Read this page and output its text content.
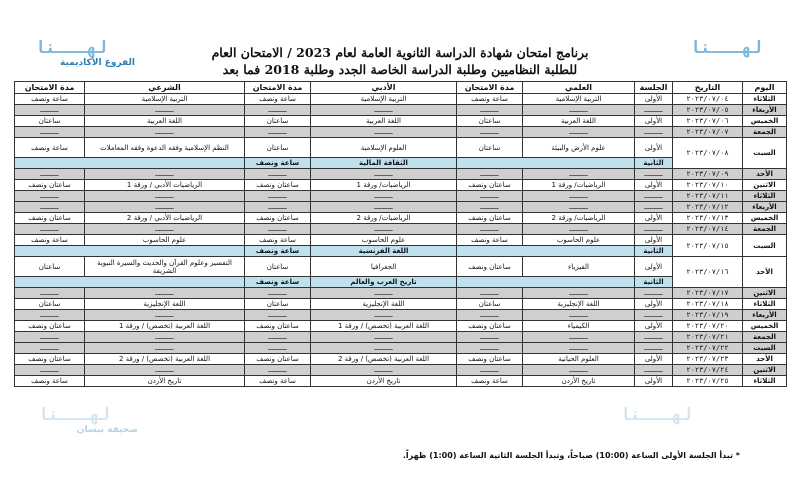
لهـــنا
الفروع الأكاديمية
لهـــنا
برنامج امتحان شهادة الدراسة الثانوية العامة لعام 2023 / الامتحان العام
للطلبة النظاميين وطلبة الدراسة الخاصة الجدد وطلبة 2018 فما بعد
اليوم	التاريخ	الجلسة	العلمي	مدة الامتحان	الأدبي	مدة الامتحان	الشرعي	مدة الامتحان
الثلاثاء	٢٠٢٣/٠٧/٠٤	الأولى	التربية الإسلامية	ساعة ونصف	التربية الإسلامية	ساعة ونصف	التربية الإسلامية	ساعة ونصف
الأربعاء	٢٠٢٣/٠٧/٠٥	ـــــــــ	ـــــــــ	ـــــــــ	ـــــــــ	ـــــــــ	ـــــــــ	ـــــــــ
الخميس	٢٠٢٣/٠٧/٠٦	الأولى	اللغة العربية	ساعتان	اللغة العربية	ساعتان	اللغة العربية	ساعتان
الجمعة	٢٠٢٣/٠٧/٠٧	ـــــــــ	ـــــــــ	ـــــــــ	ـــــــــ	ـــــــــ	ـــــــــ	ـــــــــ
السبت	٢٠٢٣/٠٧/٠٨	الأولى	علوم الأرض والبيئة	ساعتان	العلوم الإسلامية	ساعتان	النظم الإسلامية وفقه الدعوة وفقه المعاملات	ساعة ونصف
		الثانية			الثقافة المالية	ساعة ونصف		
الأحد	٢٠٢٣/٠٧/٠٩	ـــــــــ	ـــــــــ	ـــــــــ	ـــــــــ	ـــــــــ	ـــــــــ	ـــــــــ
الاثنين	٢٠٢٣/٠٧/١٠	الأولى	الرياضيات/ ورقة 1	ساعتان ونصف	الرياضيات/ ورقة 1	ساعتان ونصف	الرياضيات الأدبي / ورقة 1	ساعتان ونصف
الثلاثاء	٢٠٢٣/٠٧/١١	ـــــــــ	ـــــــــ	ـــــــــ	ـــــــــ	ـــــــــ	ـــــــــ	ـــــــــ
الأربعاء	٢٠٢٣/٠٧/١٢	ـــــــــ	ـــــــــ	ـــــــــ	ـــــــــ	ـــــــــ	ـــــــــ	ـــــــــ
الخميس	٢٠٢٣/٠٧/١٣	الأولى	الرياضيات/ ورقة 2	ساعتان ونصف	الرياضيات/ ورقة 2	ساعتان ونصف	الرياضيات الأدبي / ورقة 2	ساعتان ونصف
الجمعة	٢٠٢٣/٠٧/١٤	ـــــــــ	ـــــــــ	ـــــــــ	ـــــــــ	ـــــــــ	ـــــــــ	ـــــــــ
السبت	٢٠٢٣/٠٧/١٥	الأولى	علوم الحاسوب	ساعة ونصف	علوم الحاسوب	ساعة ونصف	علوم الحاسوب	ساعة ونصف
		الثانية			اللغة الفرنسية	ساعة ونصف		
الأحد	٢٠٢٣/٠٧/١٦	الأولى	الفيزياء	ساعتان ونصف	الجغرافيا	ساعتان	التفسير وعلوم القرآن والحديث والسيرة النبوية الشريفة	ساعتان
		الثانية			تاريخ العرب والعالم	ساعة ونصف		
الاثنين	٢٠٢٣/٠٧/١٧	ـــــــــ	ـــــــــ	ـــــــــ	ـــــــــ	ـــــــــ	ـــــــــ	ـــــــــ
الثلاثاء	٢٠٢٣/٠٧/١٨	الأولى	اللغة الإنجليزية	ساعتان	اللغة الإنجليزية	ساعتان	اللغة الإنجليزية	ساعتان
الأربعاء	٢٠٢٣/٠٧/١٩	ـــــــــ	ـــــــــ	ـــــــــ	ـــــــــ	ـــــــــ	ـــــــــ	ـــــــــ
الخميس	٢٠٢٣/٠٧/٢٠	الأولى	الكيمياء	ساعتان ونصف	اللغة العربية (تخصص) / ورقة 1	ساعتان ونصف	اللغة العربية (تخصص) / ورقة 1	ساعتان ونصف
الجمعة	٢٠٢٣/٠٧/٢١	ـــــــــ	ـــــــــ	ـــــــــ	ـــــــــ	ـــــــــ	ـــــــــ	ـــــــــ
السبت	٢٠٢٣/٠٧/٢٢	ـــــــــ	ـــــــــ	ـــــــــ	ـــــــــ	ـــــــــ	ـــــــــ	ـــــــــ
الأحد	٢٠٢٣/٠٧/٢٣	الأولى	العلوم الحياتية	ساعتان ونصف	اللغة العربية (تخصص) / ورقة 2	ساعتان ونصف	اللغة العربية (تخصص) / ورقة 2	ساعتان ونصف
الاثنين	٢٠٢٣/٠٧/٢٤	ـــــــــ	ـــــــــ	ـــــــــ	ـــــــــ	ـــــــــ	ـــــــــ	ـــــــــ
الثلاثاء	٢٠٢٣/٠٧/٢٥	الأولى	تاريخ الأردن	ساعة ونصف	تاريخ الأردن	ساعة ونصف	تاريخ الأردن	ساعة ونصف
لهـــنا
صحيفة نيسان
لهـــنا
* تبدأ الجلسة الأولى الساعة (10:00) صباحاً، وتبدأ الجلسة الثانية الساعة (1:00) ظهراً.
